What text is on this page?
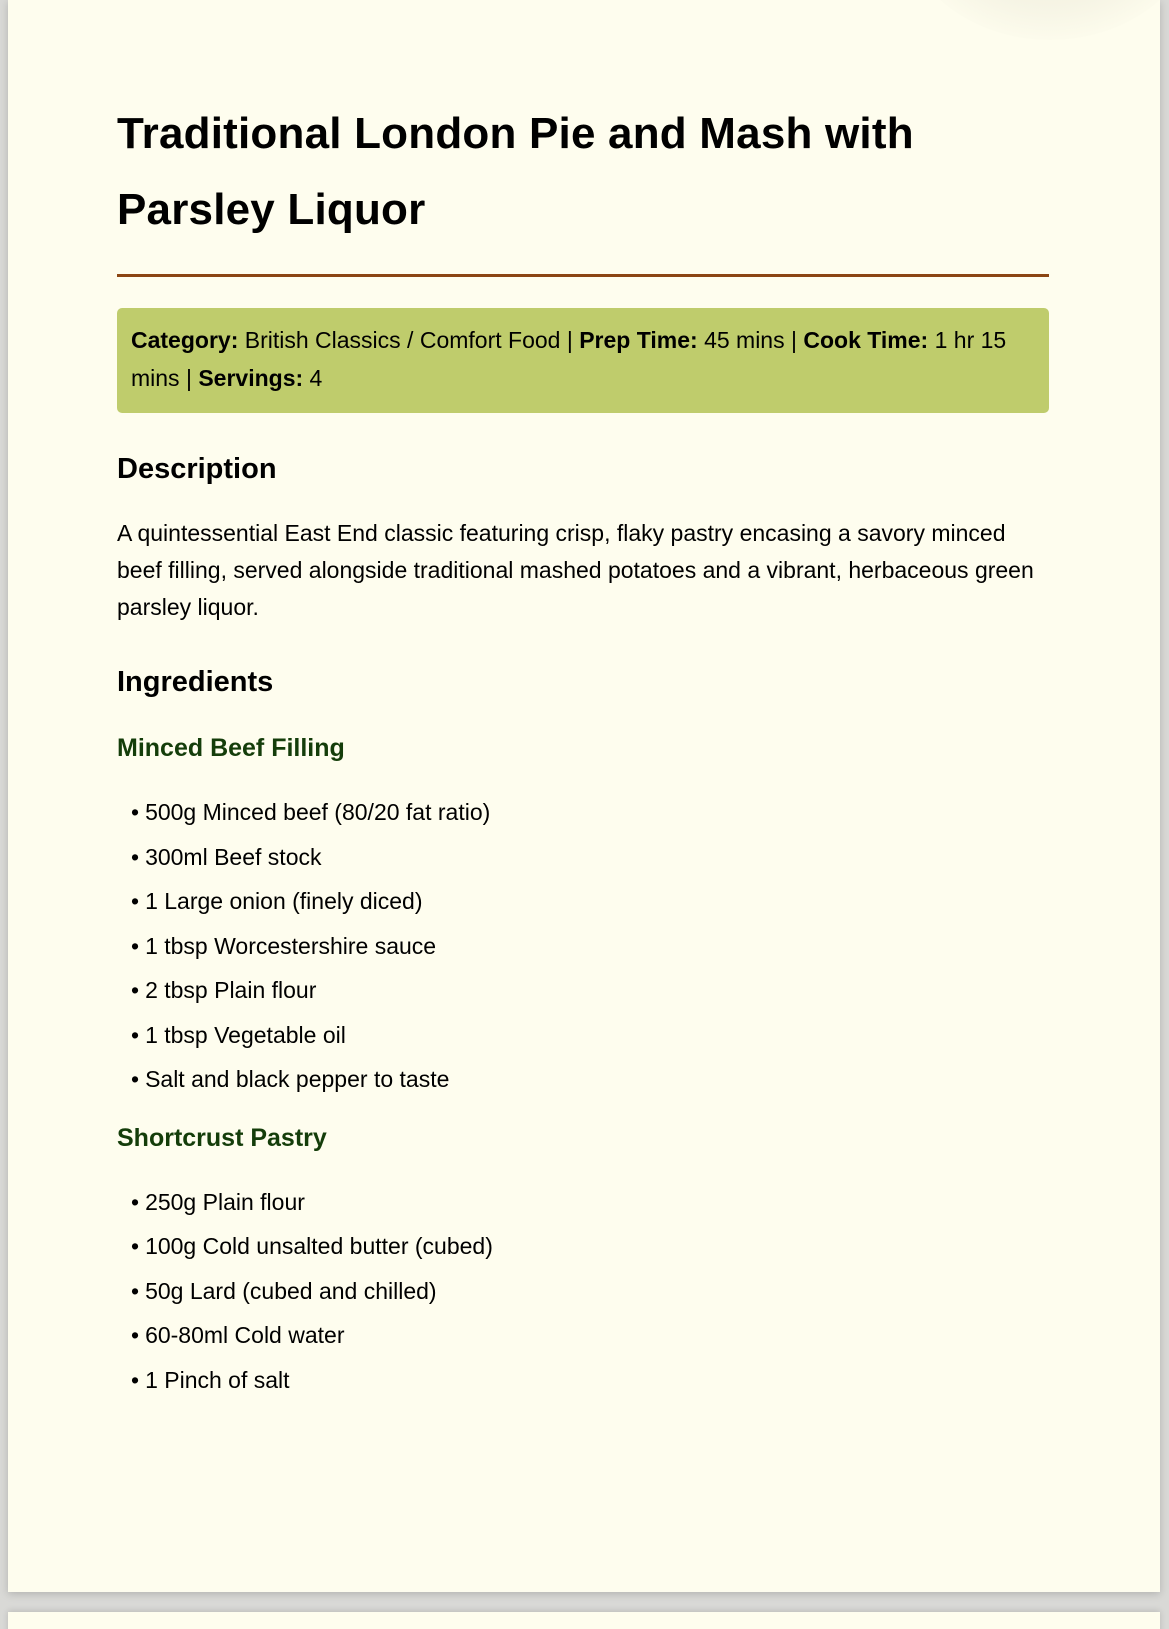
Traditional London Pie and Mash with Parsley Liquor
Category: British Classics / Comfort Food | Prep Time: 45 mins | Cook Time: 1 hr 15 mins | Servings: 4
Description

A quintessential East End classic featuring crisp, flaky pastry encasing a savory minced beef filling, served alongside traditional mashed potatoes and a vibrant, herbaceous green parsley liquor.

Ingredients
Minced Beef Filling
• 500g Minced beef (80/20 fat ratio)
• 300ml Beef stock
• 1 Large onion (finely diced)
• 1 tbsp Worcestershire sauce
• 2 tbsp Plain flour
• 1 tbsp Vegetable oil
• Salt and black pepper to taste
Shortcrust Pastry
• 250g Plain flour
• 100g Cold unsalted butter (cubed)
• 50g Lard (cubed and chilled)
• 60-80ml Cold water
• 1 Pinch of salt
